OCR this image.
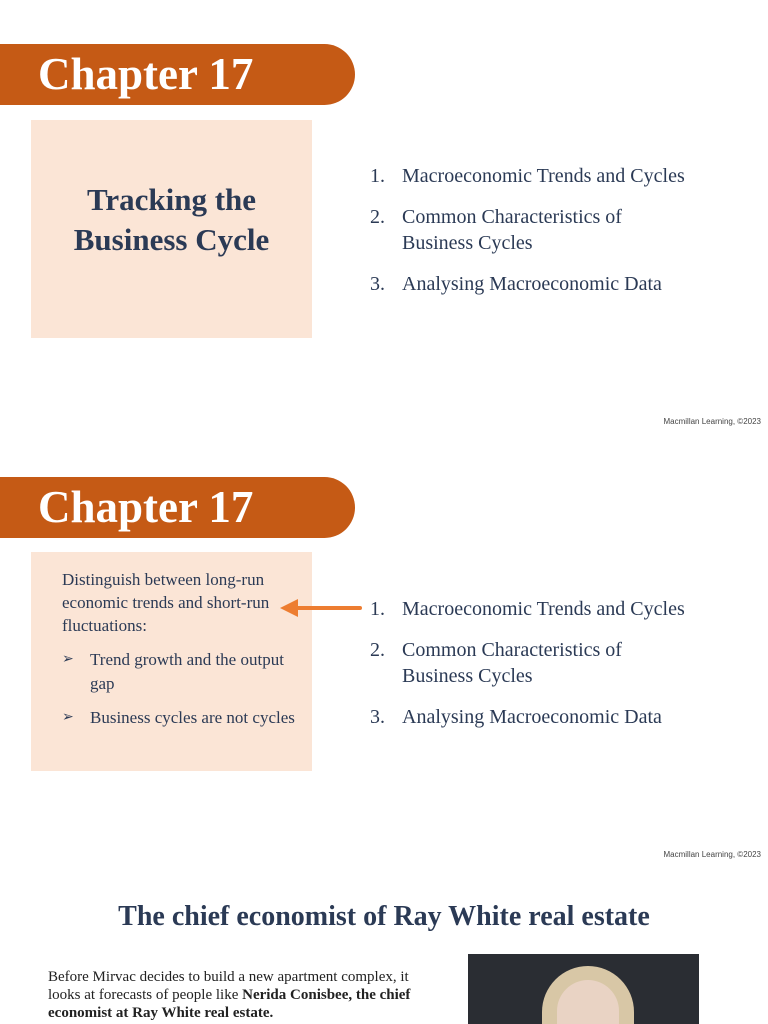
Chapter 17
Tracking the
Business Cycle
1. Macroeconomic Trends and Cycles
2. Common Characteristics of
Business Cycles
3. Analysing Macroeconomic Data
Macmillan Learning, ©2023
Chapter 17
Distinguish between long-run economic trends and short-run fluctuations:
➢ Trend growth and the output gap
➢ Business cycles are not cycles
1. Macroeconomic Trends and Cycles
2. Common Characteristics of
Business Cycles
3. Analysing Macroeconomic Data
Macmillan Learning, ©2023
The chief economist of Ray White real estate
Before Mirvac decides to build a new apartment complex, it looks at forecasts of people like Nerida Conisbee, the chief economist at Ray White real estate.
